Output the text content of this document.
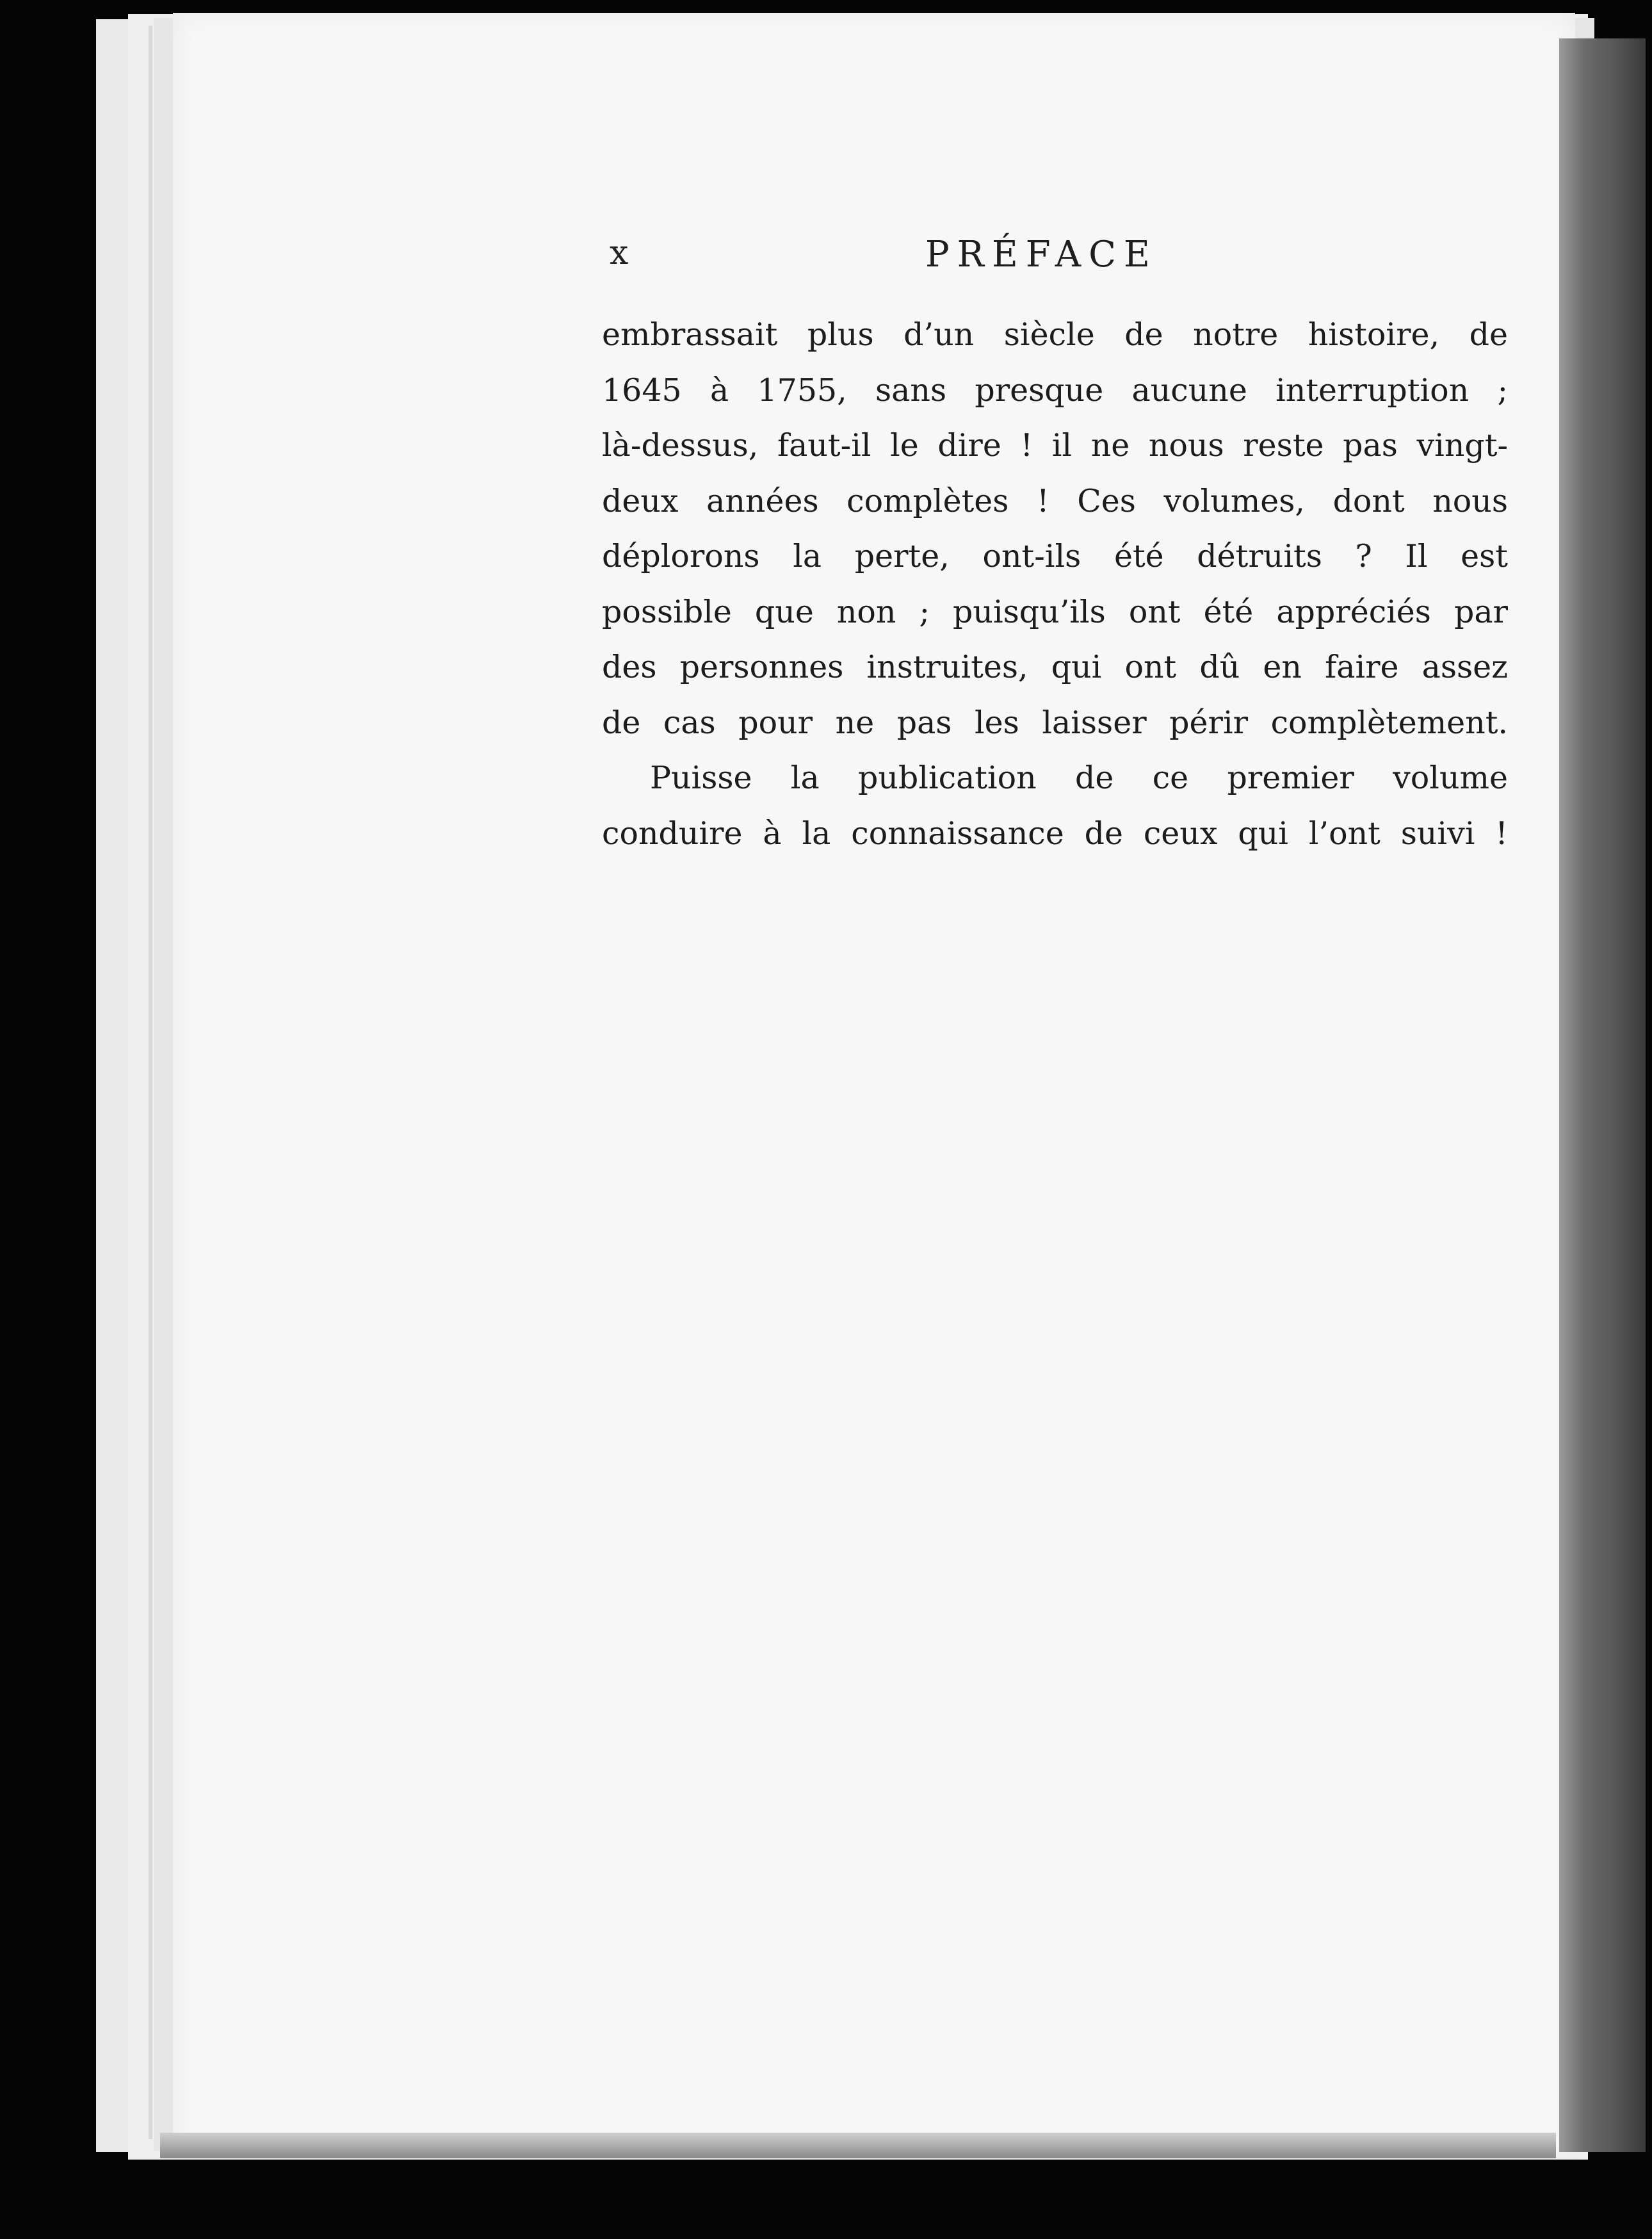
x	PRÉFACE
embrassait plus d’un siècle de notre histoire, de
1645 à 1755, sans presque aucune interruption ;
là-dessus, faut-il le dire ! il ne nous reste pas vingt-
deux années complètes ! Ces volumes, dont nous
déplorons la perte, ont-ils été détruits ? Il est
possible que non ; puisqu’ils ont été appréciés par
des personnes instruites, qui ont dû en faire assez
de cas pour ne pas les laisser périr complètement.
Puisse la publication de ce premier volume
conduire à la connaissance de ceux qui l’ont suivi !
